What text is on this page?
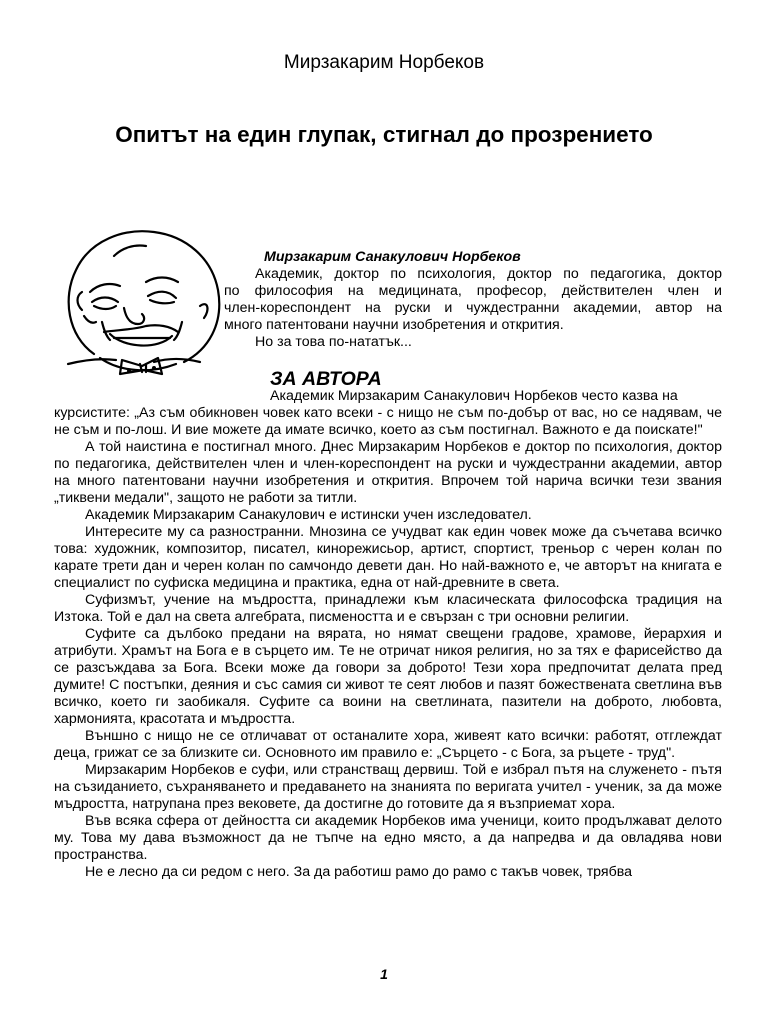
Мирзакарим Норбеков
Опитът на един глупак, стигнал до прозрението

Мирзакарим Санакулович Норбеков

Академик, доктор по психология, доктор по педагогика, доктор

по философия на медицината, професор, действителен член и

член-кореспондент на руски и чуждестранни академии, автор на

много патентовани научни изобретения и открития.

Но за това по-нататък...

ЗА АВТОРА

Академик Мирзакарим Санакулович Норбеков често казва на

курсистите: „Аз съм обикновен човек като всеки - с нищо не съм по-добър от вас, но се надявам, че не съм и по-лош. И вие можете да имате всичко, което аз съм постигнал. Важното е да поискате!"

А той наистина е постигнал много. Днес Мирзакарим Норбеков е доктор по психология, доктор по педагогика, действителен член и член-кореспондент на руски и чуждестранни академии, автор на много патентовани научни изобретения и открития. Впрочем той нарича всички тези звания „тиквени медали", защото не работи за титли.

Академик Мирзакарим Санакулович е истински учен изследовател.

Интересите му са разностранни. Мнозина се учудват как един човек може да съчетава всичко това: художник, композитор, писател, кинорежисьор, артист, спортист, треньор с черен колан по карате трети дан и черен колан по самчондо девети дан. Но най-важното е, че авторът на книгата е специалист по суфиска медицина и практика, една от най-древните в света.

Суфизмът, учение на мъдростта, принадлежи към класическата философска традиция на Изтока. Той е дал на света алгебрата, писмеността и е свързан с три основни религии.

Суфите са дълбоко предани на вярата, но нямат свещени градове, храмове, йерархия и атрибути. Храмът на Бога е в сърцето им. Те не отричат никоя религия, но за тях е фарисейство да се разсъждава за Бога. Всеки може да говори за доброто! Тези хора предпочитат делата пред думите! С постъпки, деяния и със самия си живот те сеят любов и пазят божествената светлина във всичко, което ги заобикаля. Суфите са воини на светлината, пазители на доброто, любовта, хармонията, красотата и мъдростта.

Външно с нищо не се отличават от останалите хора, живеят като всички: работят, отглеждат деца, грижат се за близките си. Основното им правило е: „Сърцето - с Бога, за ръцете - труд".

Мирзакарим Норбеков е суфи, или странстващ дервиш. Той е избрал пътя на служенето - пътя на съзиданието, съхраняването и предаването на знанията по веригата учител - ученик, за да може мъдростта, натрупана през вековете, да достигне до готовите да я възприемат хора.

Във всяка сфера от дейността си академик Норбеков има ученици, които продължават делото му. Това му дава възможност да не тъпче на едно място, а да напредва и да овладява нови пространства.

Не е лесно да си редом с него. За да работиш рамо до рамо с такъв човек, трябва

1
